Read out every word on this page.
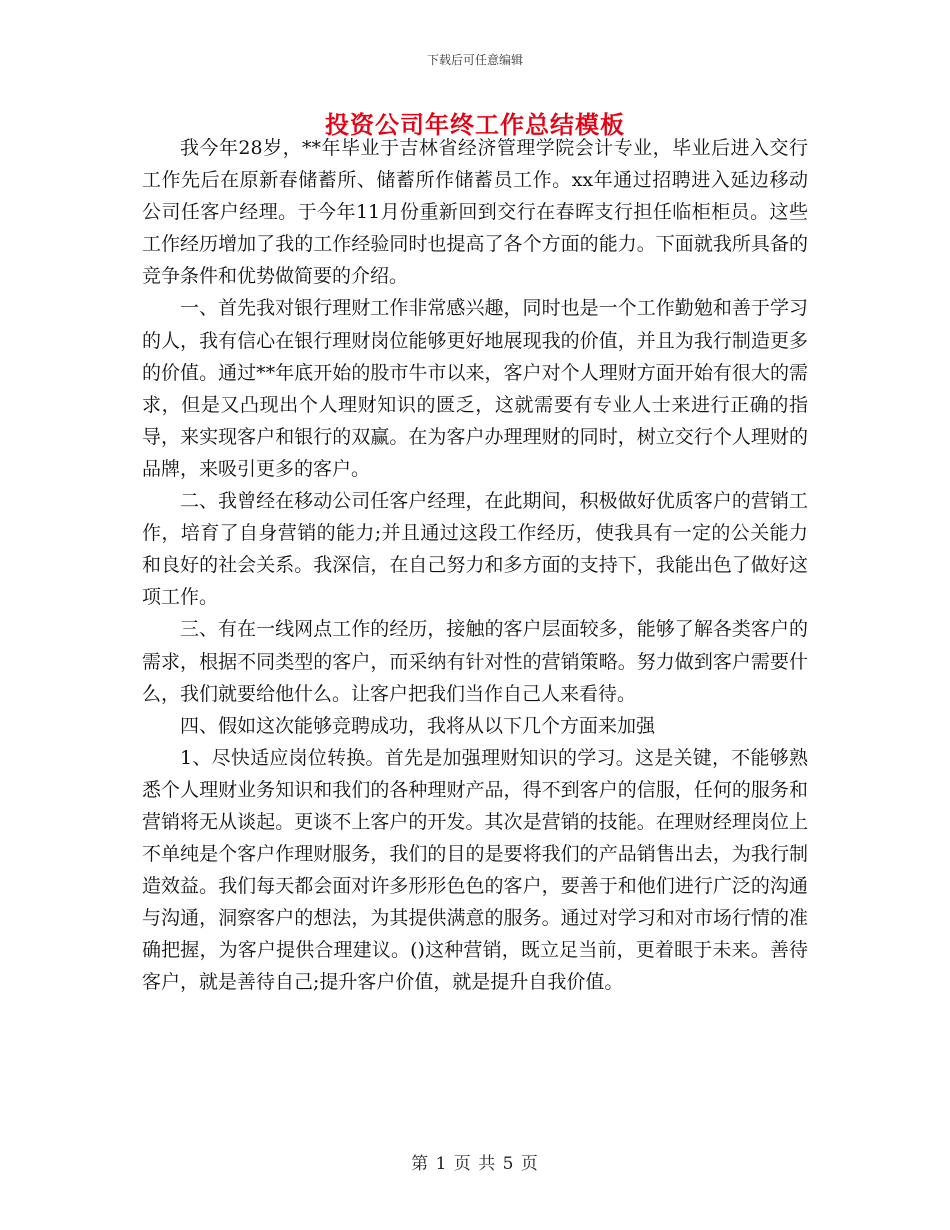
下载后可任意编辑
投资公司年终工作总结模板

我今年28岁，**年毕业于吉林省经济管理学院会计专业，毕业后进入交行工作先后在原新春储蓄所、储蓄所作储蓄员工作。xx年通过招聘进入延边移动公司任客户经理。于今年11月份重新回到交行在春晖支行担任临柜柜员。这些工作经历增加了我的工作经验同时也提高了各个方面的能力。下面就我所具备的竞争条件和优势做简要的介绍。

一、首先我对银行理财工作非常感兴趣，同时也是一个工作勤勉和善于学习的人，我有信心在银行理财岗位能够更好地展现我的价值，并且为我行制造更多的价值。通过**年底开始的股市牛市以来，客户对个人理财方面开始有很大的需求，但是又凸现出个人理财知识的匮乏，这就需要有专业人士来进行正确的指导，来实现客户和银行的双赢。在为客户办理理财的同时，树立交行个人理财的品牌，来吸引更多的客户。

二、我曾经在移动公司任客户经理，在此期间，积极做好优质客户的营销工作，培育了自身营销的能力;并且通过这段工作经历，使我具有一定的公关能力和良好的社会关系。我深信，在自己努力和多方面的支持下，我能出色了做好这项工作。

三、有在一线网点工作的经历，接触的客户层面较多，能够了解各类客户的需求，根据不同类型的客户，而采纳有针对性的营销策略。努力做到客户需要什么，我们就要给他什么。让客户把我们当作自己人来看待。

四、假如这次能够竞聘成功，我将从以下几个方面来加强

1、尽快适应岗位转换。首先是加强理财知识的学习。这是关键，不能够熟悉个人理财业务知识和我们的各种理财产品，得不到客户的信服，任何的服务和营销将无从谈起。更谈不上客户的开发。其次是营销的技能。在理财经理岗位上不单纯是个客户作理财服务，我们的目的是要将我们的产品销售出去，为我行制造效益。我们每天都会面对许多形形色色的客户，要善于和他们进行广泛的沟通与沟通，洞察客户的想法，为其提供满意的服务。通过对学习和对市场行情的准确把握，为客户提供合理建议。()这种营销，既立足当前，更着眼于未来。善待客户，就是善待自己;提升客户价值，就是提升自我价值。

第 1 页 共 5 页
